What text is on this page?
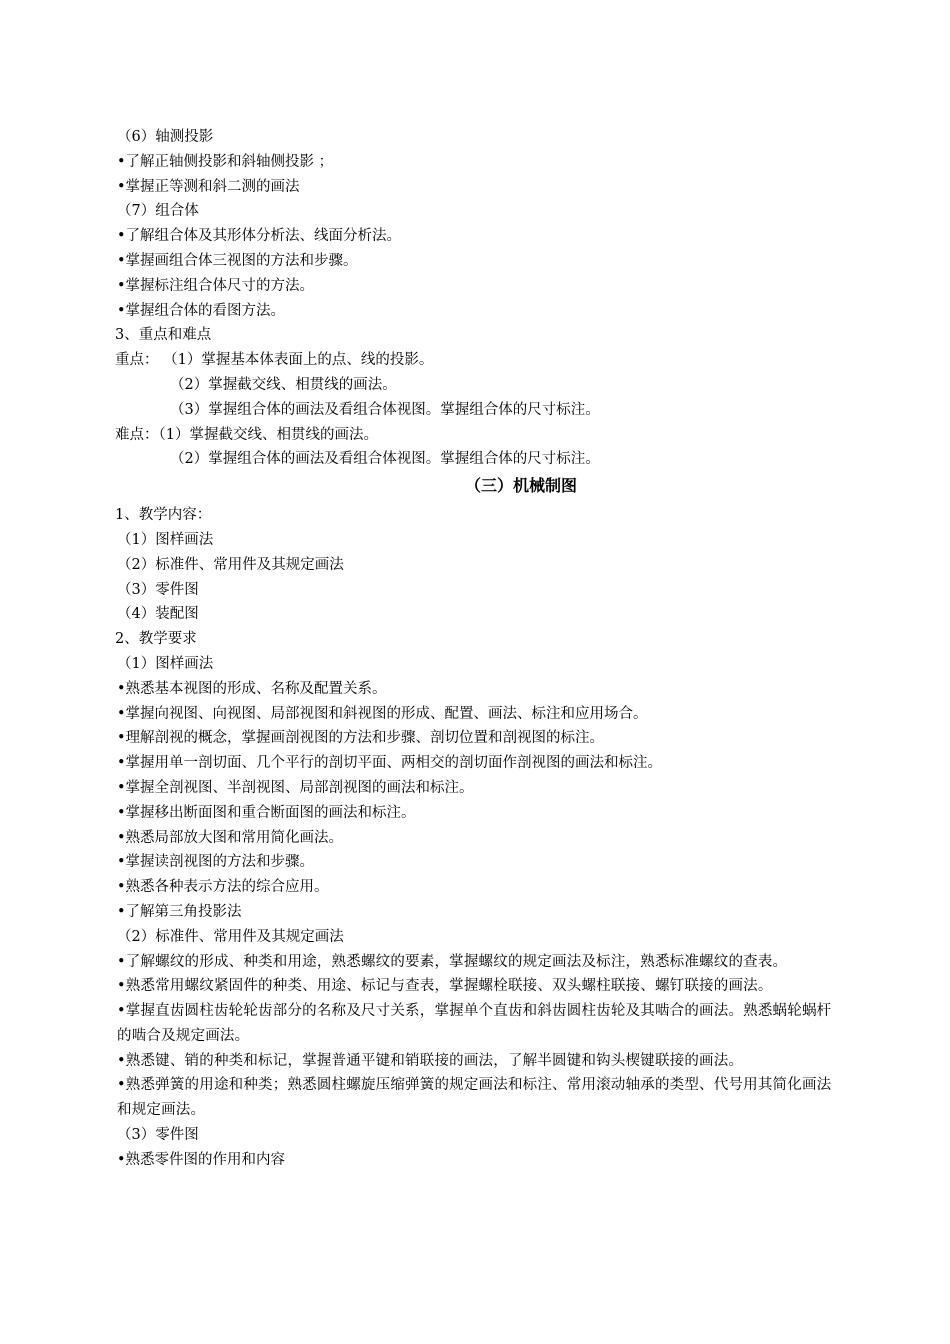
（6）轴测投影
•了解正轴侧投影和斜轴侧投影 ；
•掌握正等测和斜二测的画法
（7）组合体
•了解组合体及其形体分析法、线面分析法。
•掌握画组合体三视图的方法和步骤。
•掌握标注组合体尺寸的方法。
•掌握组合体的看图方法。
3、重点和难点
重点： （1）掌握基本体表面上的点、线的投影。
（2）掌握截交线、相贯线的画法。
（3）掌握组合体的画法及看组合体视图。掌握组合体的尺寸标注。
难点：（1）掌握截交线、相贯线的画法。
（2）掌握组合体的画法及看组合体视图。掌握组合体的尺寸标注。
（三）机械制图
1、教学内容：
（1）图样画法
（2）标准件、常用件及其规定画法
（3）零件图
（4）装配图
2、教学要求
（1）图样画法
•熟悉基本视图的形成、名称及配置关系。
•掌握向视图、向视图、局部视图和斜视图的形成、配置、画法、标注和应用场合。
•理解剖视的概念，掌握画剖视图的方法和步骤、剖切位置和剖视图的标注。
•掌握用单一剖切面、几个平行的剖切平面、两相交的剖切面作剖视图的画法和标注。
•掌握全剖视图、半剖视图、局部剖视图的画法和标注。
•掌握移出断面图和重合断面图的画法和标注。
•熟悉局部放大图和常用简化画法。
•掌握读剖视图的方法和步骤。
•熟悉各种表示方法的综合应用。
•了解第三角投影法
（2）标准件、常用件及其规定画法
•了解螺纹的形成、种类和用途，熟悉螺纹的要素，掌握螺纹的规定画法及标注，熟悉标准螺纹的查表。
•熟悉常用螺纹紧固件的种类、用途、标记与查表，掌握螺栓联接、双头螺柱联接、螺钉联接的画法。
•掌握直齿圆柱齿轮轮齿部分的名称及尺寸关系，掌握单个直齿和斜齿圆柱齿轮及其啮合的画法。熟悉蜗轮蜗杆的啮合及规定画法。
•熟悉键、销的种类和标记，掌握普通平键和销联接的画法，了解半圆键和钩头楔键联接的画法。
•熟悉弹簧的用途和种类；熟悉圆柱螺旋压缩弹簧的规定画法和标注、常用滚动轴承的类型、代号用其简化画法和规定画法。
（3）零件图
•熟悉零件图的作用和内容
